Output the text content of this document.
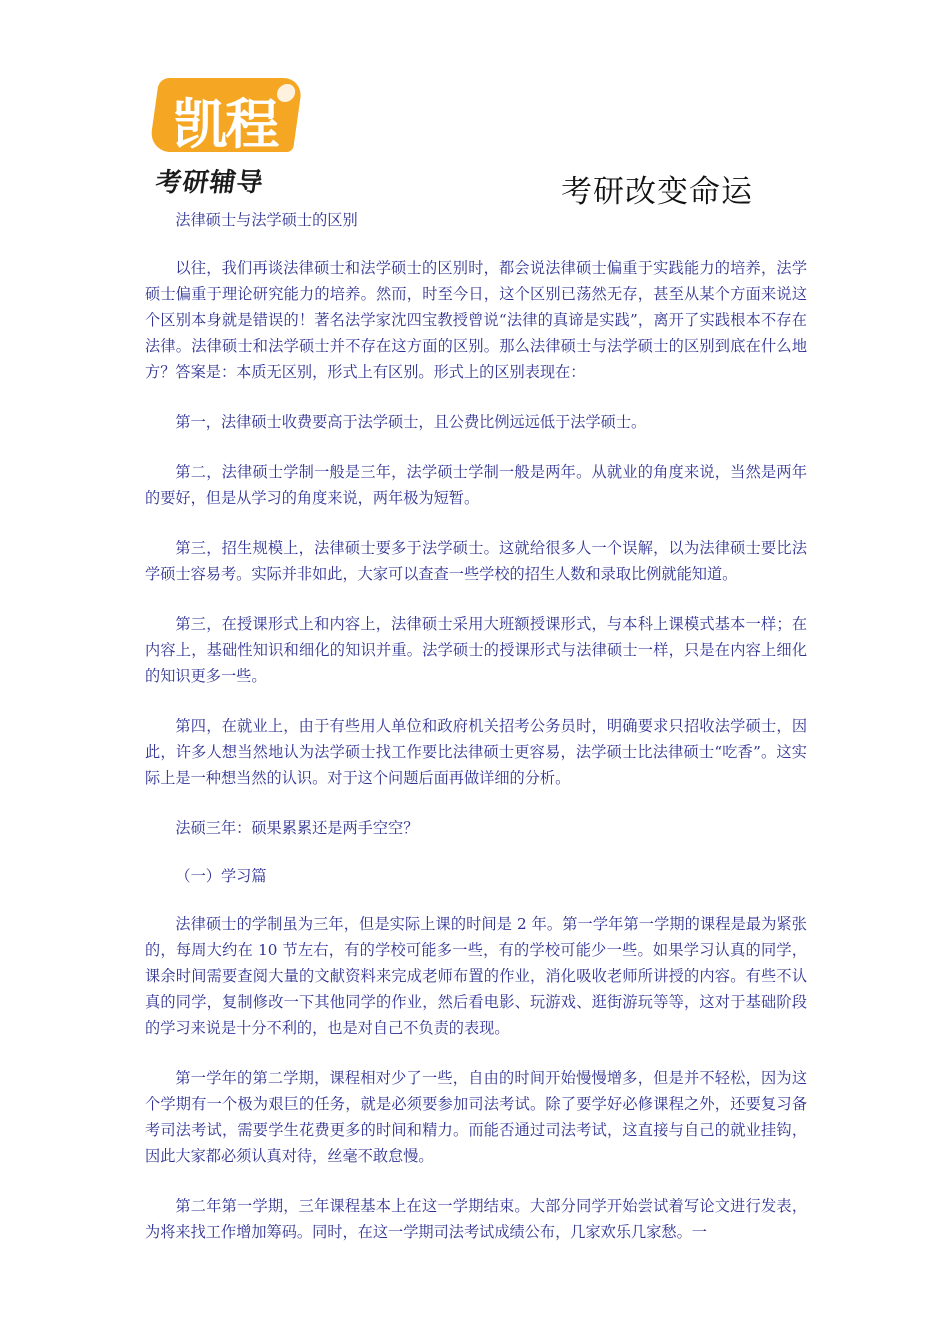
凯程
考研辅导	考研改变命运

法律硕士与法学硕士的区别

以往，我们再谈法律硕士和法学硕士的区别时，都会说法律硕士偏重于实践能力的培养，法学硕士偏重于理论研究能力的培养。然而，时至今日，这个区别已荡然无存，甚至从某个方面来说这个区别本身就是错误的！著名法学家沈四宝教授曾说“法律的真谛是实践”，离开了实践根本不存在法律。法律硕士和法学硕士并不存在这方面的区别。那么法律硕士与法学硕士的区别到底在什么地方？答案是：本质无区别，形式上有区别。形式上的区别表现在：

第一，法律硕士收费要高于法学硕士，且公费比例远远低于法学硕士。

第二，法律硕士学制一般是三年，法学硕士学制一般是两年。从就业的角度来说，当然是两年的要好，但是从学习的角度来说，两年极为短暂。

第三，招生规模上，法律硕士要多于法学硕士。这就给很多人一个误解，以为法律硕士要比法学硕士容易考。实际并非如此，大家可以查查一些学校的招生人数和录取比例就能知道。

第三，在授课形式上和内容上，法律硕士采用大班额授课形式，与本科上课模式基本一样；在内容上，基础性知识和细化的知识并重。法学硕士的授课形式与法律硕士一样，只是在内容上细化的知识更多一些。

第四，在就业上，由于有些用人单位和政府机关招考公务员时，明确要求只招收法学硕士，因此，许多人想当然地认为法学硕士找工作要比法律硕士更容易，法学硕士比法律硕士“吃香”。这实际上是一种想当然的认识。对于这个问题后面再做详细的分析。

法硕三年：硕果累累还是两手空空？

（一）学习篇

法律硕士的学制虽为三年，但是实际上课的时间是 2 年。第一学年第一学期的课程是最为紧张的，每周大约在 10 节左右，有的学校可能多一些，有的学校可能少一些。如果学习认真的同学，课余时间需要查阅大量的文献资料来完成老师布置的作业，消化吸收老师所讲授的内容。有些不认真的同学，复制修改一下其他同学的作业，然后看电影、玩游戏、逛街游玩等等，这对于基础阶段的学习来说是十分不利的，也是对自己不负责的表现。

第一学年的第二学期，课程相对少了一些，自由的时间开始慢慢增多，但是并不轻松，因为这个学期有一个极为艰巨的任务，就是必须要参加司法考试。除了要学好必修课程之外，还要复习备考司法考试，需要学生花费更多的时间和精力。而能否通过司法考试，这直接与自己的就业挂钩，因此大家都必须认真对待，丝毫不敢怠慢。

第二年第一学期，三年课程基本上在这一学期结束。大部分同学开始尝试着写论文进行发表，为将来找工作增加筹码。同时，在这一学期司法考试成绩公布，几家欢乐几家愁。一
